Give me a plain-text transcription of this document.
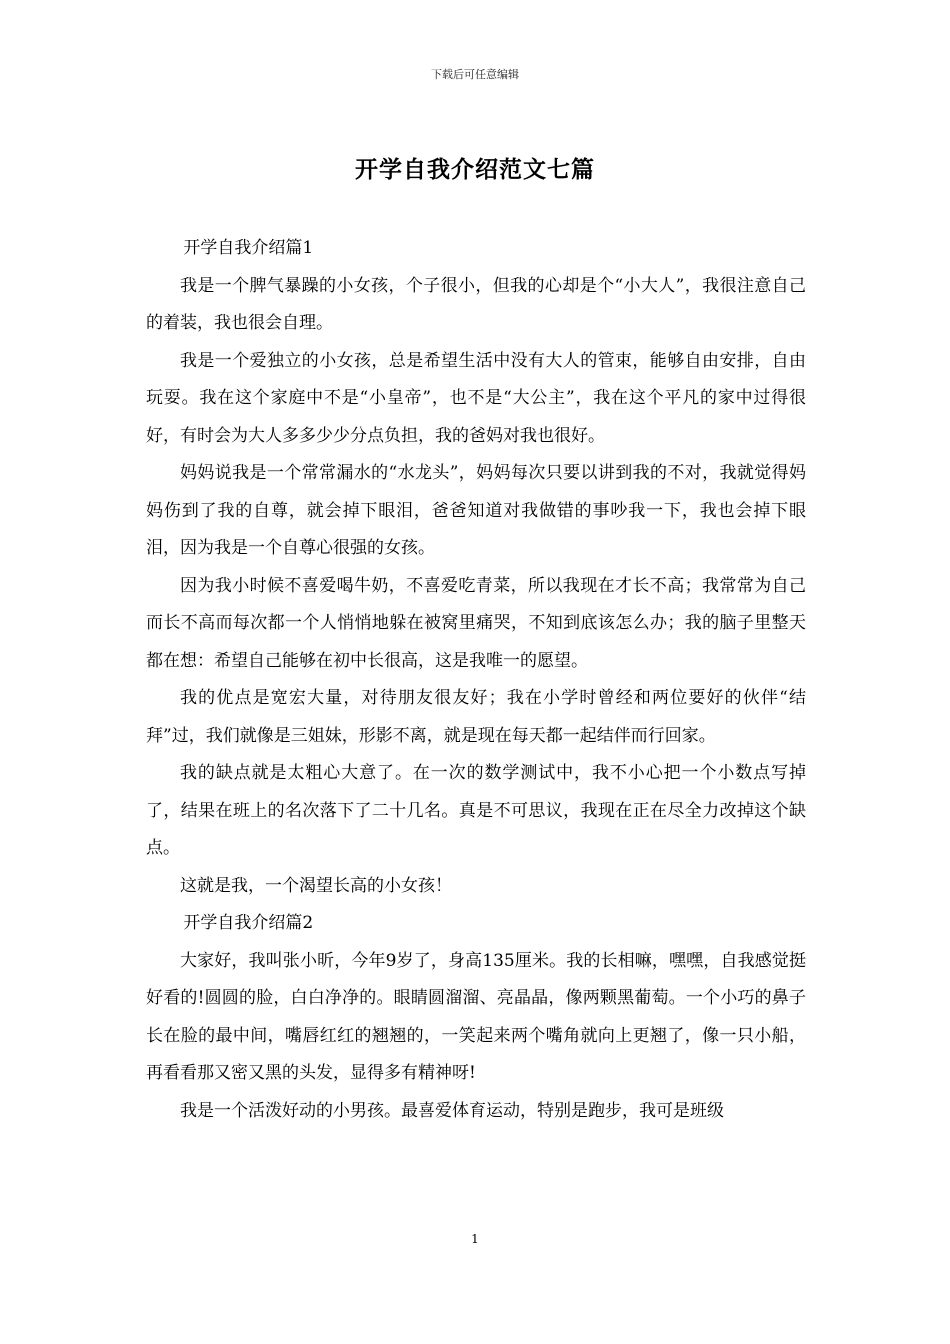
下载后可任意编辑
开学自我介绍范文七篇

开学自我介绍篇1

我是一个脾气暴躁的小女孩，个子很小，但我的心却是个“小大人”，我很注意自己的着装，我也很会自理。

我是一个爱独立的小女孩，总是希望生活中没有大人的管束，能够自由安排，自由玩耍。我在这个家庭中不是“小皇帝”，也不是“大公主”，我在这个平凡的家中过得很好，有时会为大人多多少少分点负担，我的爸妈对我也很好。

妈妈说我是一个常常漏水的“水龙头”，妈妈每次只要以讲到我的不对，我就觉得妈妈伤到了我的自尊，就会掉下眼泪，爸爸知道对我做错的事吵我一下，我也会掉下眼泪，因为我是一个自尊心很强的女孩。

因为我小时候不喜爱喝牛奶，不喜爱吃青菜，所以我现在才长不高；我常常为自己而长不高而每次都一个人悄悄地躲在被窝里痛哭，不知到底该怎么办；我的脑子里整天都在想：希望自己能够在初中长很高，这是我唯一的愿望。

我的优点是宽宏大量，对待朋友很友好；我在小学时曾经和两位要好的伙伴“结拜”过，我们就像是三姐妹，形影不离，就是现在每天都一起结伴而行回家。

我的缺点就是太粗心大意了。在一次的数学测试中，我不小心把一个小数点写掉了，结果在班上的名次落下了二十几名。真是不可思议，我现在正在尽全力改掉这个缺点。

这就是我，一个渴望长高的小女孩！

开学自我介绍篇2

大家好，我叫张小昕，今年9岁了，身高135厘米。我的长相嘛，嘿嘿，自我感觉挺好看的!圆圆的脸，白白净净的。眼睛圆溜溜、亮晶晶，像两颗黑葡萄。一个小巧的鼻子长在脸的最中间，嘴唇红红的翘翘的，一笑起来两个嘴角就向上更翘了，像一只小船，再看看那又密又黑的头发，显得多有精神呀!

我是一个活泼好动的小男孩。最喜爱体育运动，特别是跑步，我可是班级

1
